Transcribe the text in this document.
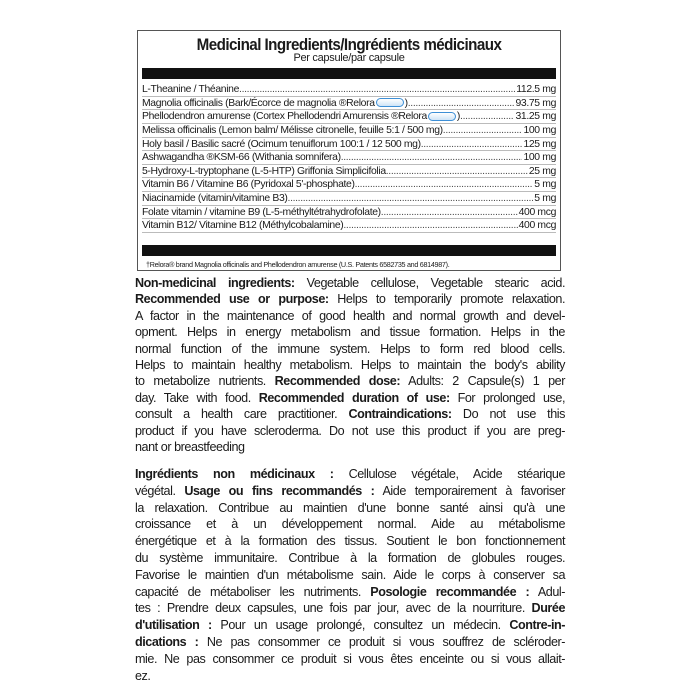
Medicinal Ingredients/Ingrédients médicinaux
Per capsule/par capsule
L-Theanine / Théanine .....	112.5 mg
Magnolia officinalis (Bark/Écorce de magnolia ®Relora	) .....	93.75 mg
Phellodendron amurense (Cortex Phellodendri Amurensis ®Relora	) .....	31.25 mg
Melissa officinalis (Lemon balm/ Mélisse citronelle, feuille 5:1 / 500 mg) .....	100 mg
Holy basil / Basilic sacré (Ocimum tenuiflorum 100:1 / 12 500 mg) .....	125 mg
Ashwagandha ®KSM-66 (Withania somnifera) .....	100 mg
5-Hydroxy-L-tryptophane (L-5-HTP) Griffonia Simplicifolia .....	25 mg
Vitamin B6 / Vitamine B6 (Pyridoxal 5'-phosphate) .....	5 mg
Niacinamide (vitamin/vitamine B3) .....	5 mg
Folate vitamin / vitamine B9 (L-5-méthyltétrahydrofolate) .....	400 mcg
Vitamin B12/ Vitamine B12 (Méthylcobalamine) .....	400 mcg
†Relora® brand Magnolia officinalis and Phellodendron amurense (U.S. Patents 6582735 and 6814987).
Non-medicinal ingredients: Vegetable cellulose, Vegetable stearic acid.
Recommended use or purpose: Helps to temporarily promote relaxation.
A factor in the maintenance of good health and normal growth and devel-
opment. Helps in energy metabolism and tissue formation. Helps in the
normal function of the immune system. Helps to form red blood cells.
Helps to maintain healthy metabolism. Helps to maintain the body's ability
to metabolize nutrients. Recommended dose: Adults: 2 Capsule(s) 1 per
day. Take with food. Recommended duration of use: For prolonged use,
consult a health care practitioner. Contraindications: Do not use this
product if you have scleroderma. Do not use this product if you are preg-
nant or breastfeeding
Ingrédients non médicinaux : Cellulose végétale, Acide stéarique
végétal. Usage ou fins recommandés : Aide temporairement à favoriser
la relaxation. Contribue au maintien d'une bonne santé ainsi qu'à une
croissance et à un développement normal. Aide au métabolisme
énergétique et à la formation des tissus. Soutient le bon fonctionnement
du système immunitaire. Contribue à la formation de globules rouges.
Favorise le maintien d'un métabolisme sain. Aide le corps à conserver sa
capacité de métaboliser les nutriments. Posologie recommandée : Adul-
tes : Prendre deux capsules, une fois par jour, avec de la nourriture. Durée
d'utilisation : Pour un usage prolongé, consultez un médecin. Contre-in-
dications : Ne pas consommer ce produit si vous souffrez de scléroder-
mie. Ne pas consommer ce produit si vous êtes enceinte ou si vous allait-
ez.
